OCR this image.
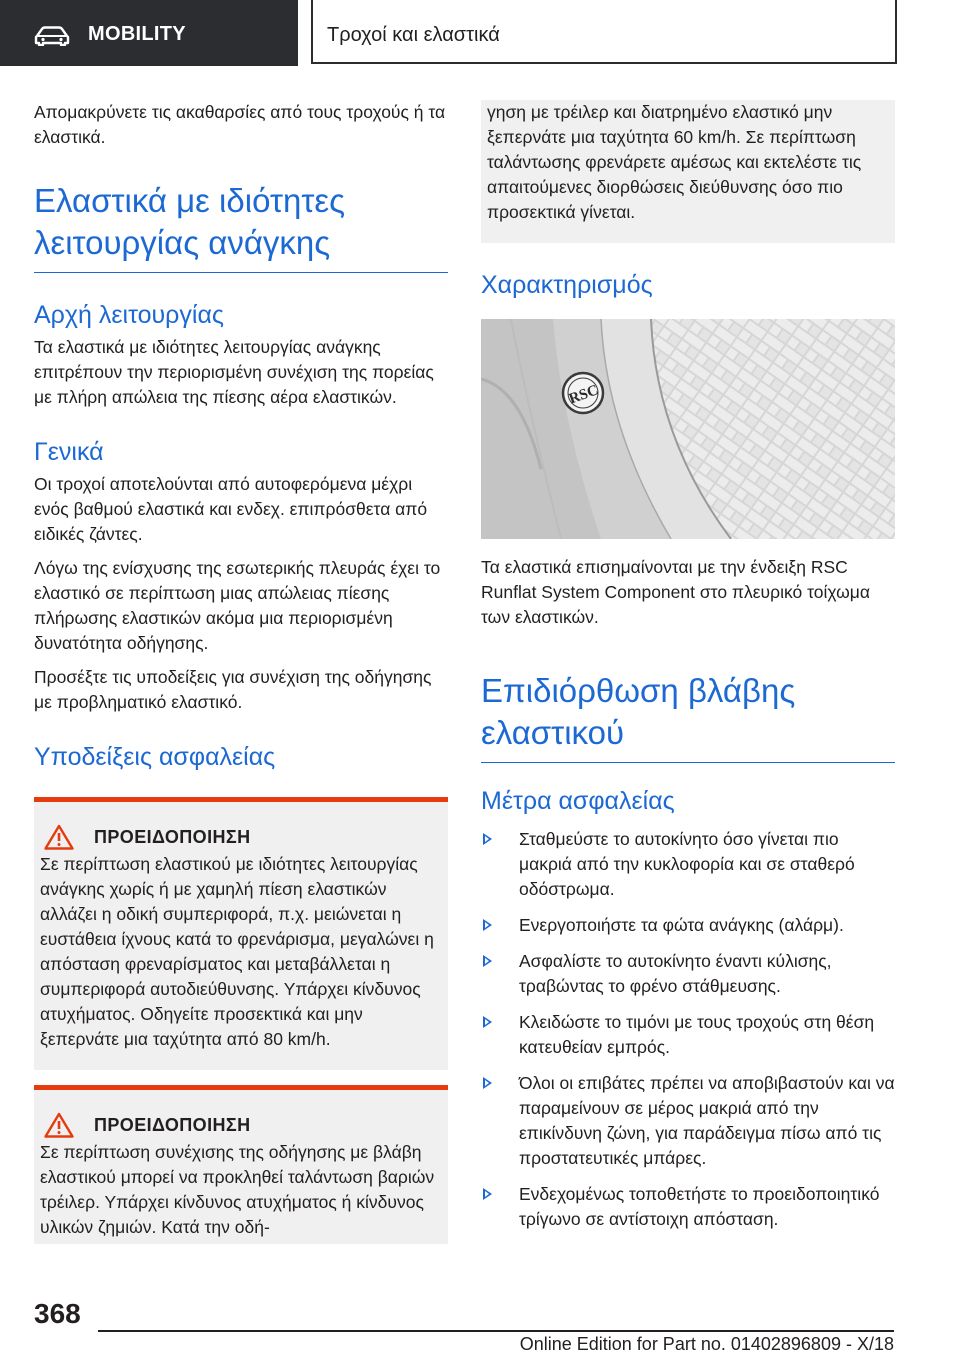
MOBILITY	Τροχοί και ελαστικά

Απομακρύνετε τις ακαθαρσίες από τους τροχούς ή τα ελαστικά.

Ελαστικά με ιδιότητες λειτουργίας ανάγκης
Αρχή λειτουργίας

Τα ελαστικά με ιδιότητες λειτουργίας ανάγκης επιτρέπουν την περιορισμένη συνέχιση της πορείας με πλήρη απώλεια της πίεσης αέρα ελαστικών.

Γενικά

Οι τροχοί αποτελούνται από αυτοφερόμενα μέχρι ενός βαθμού ελαστικά και ενδεχ. επιπρόσθετα από ειδικές ζάντες.

Λόγω της ενίσχυσης της εσωτερικής πλευράς έχει το ελαστικό σε περίπτωση μιας απώλειας πίεσης πλήρωσης ελαστικών ακόμα μια περιορισμένη δυνατότητα οδήγησης.

Προσέξτε τις υποδείξεις για συνέχιση της οδήγησης με προβληματικό ελαστικό.

Υποδείξεις ασφαλείας
ΠΡΟΕΙΔΟΠΟΙΗΣΗ

Σε περίπτωση ελαστικού με ιδιότητες λειτουργίας ανάγκης χωρίς ή με χαμηλή πίεση ελαστικών αλλάζει η οδική συμπεριφορά, π.χ. μειώνεται η ευστάθεια ίχνους κατά το φρενάρισμα, μεγαλώνει η απόσταση φρεναρίσματος και μεταβάλλεται η συμπεριφορά αυτοδιεύθυνσης. Υπάρχει κίνδυνος ατυχήματος. Οδηγείτε προσεκτικά και μην ξεπερνάτε μια ταχύτητα από 80 km/h.

ΠΡΟΕΙΔΟΠΟΙΗΣΗ

Σε περίπτωση συνέχισης της οδήγησης με βλάβη ελαστικού μπορεί να προκληθεί ταλάντωση βαριών τρέιλερ. Υπάρχει κίνδυνος ατυχήματος ή κίνδυνος υλικών ζημιών. Κατά την οδή-

γηση με τρέιλερ και διατρημένο ελαστικό μην ξεπερνάτε μια ταχύτητα 60 km/h. Σε περίπτωση ταλάντωσης φρενάρετε αμέσως και εκτελέστε τις απαιτούμενες διορθώσεις διεύθυνσης όσο πιο προσεκτικά γίνεται.

Χαρακτηρισμός
RSC

Τα ελαστικά επισημαίνονται με την ένδειξη RSC Runflat System Component στο πλευρικό τοίχωμα των ελαστικών.

Επιδιόρθωση βλάβης ελαστικού
Μέτρα ασφαλείας
Σταθμεύστε το αυτοκίνητο όσο γίνεται πιο μακριά από την κυκλοφορία και σε σταθερό οδόστρωμα.
Ενεργοποιήστε τα φώτα ανάγκης (αλάρμ).
Ασφαλίστε το αυτοκίνητο έναντι κύλισης, τραβώντας το φρένο στάθμευσης.
Κλειδώστε το τιμόνι με τους τροχούς στη θέση κατευθείαν εμπρός.
Όλοι οι επιβάτες πρέπει να αποβιβαστούν και να παραμείνουν σε μέρος μακριά από την επικίνδυνη ζώνη, για παράδειγμα πίσω από τις προστατευτικές μπάρες.
Ενδεχομένως τοποθετήστε το προειδοποιητικό τρίγωνο σε αντίστοιχη απόσταση.
368
Online Edition for Part no. 01402896809 - X/18
